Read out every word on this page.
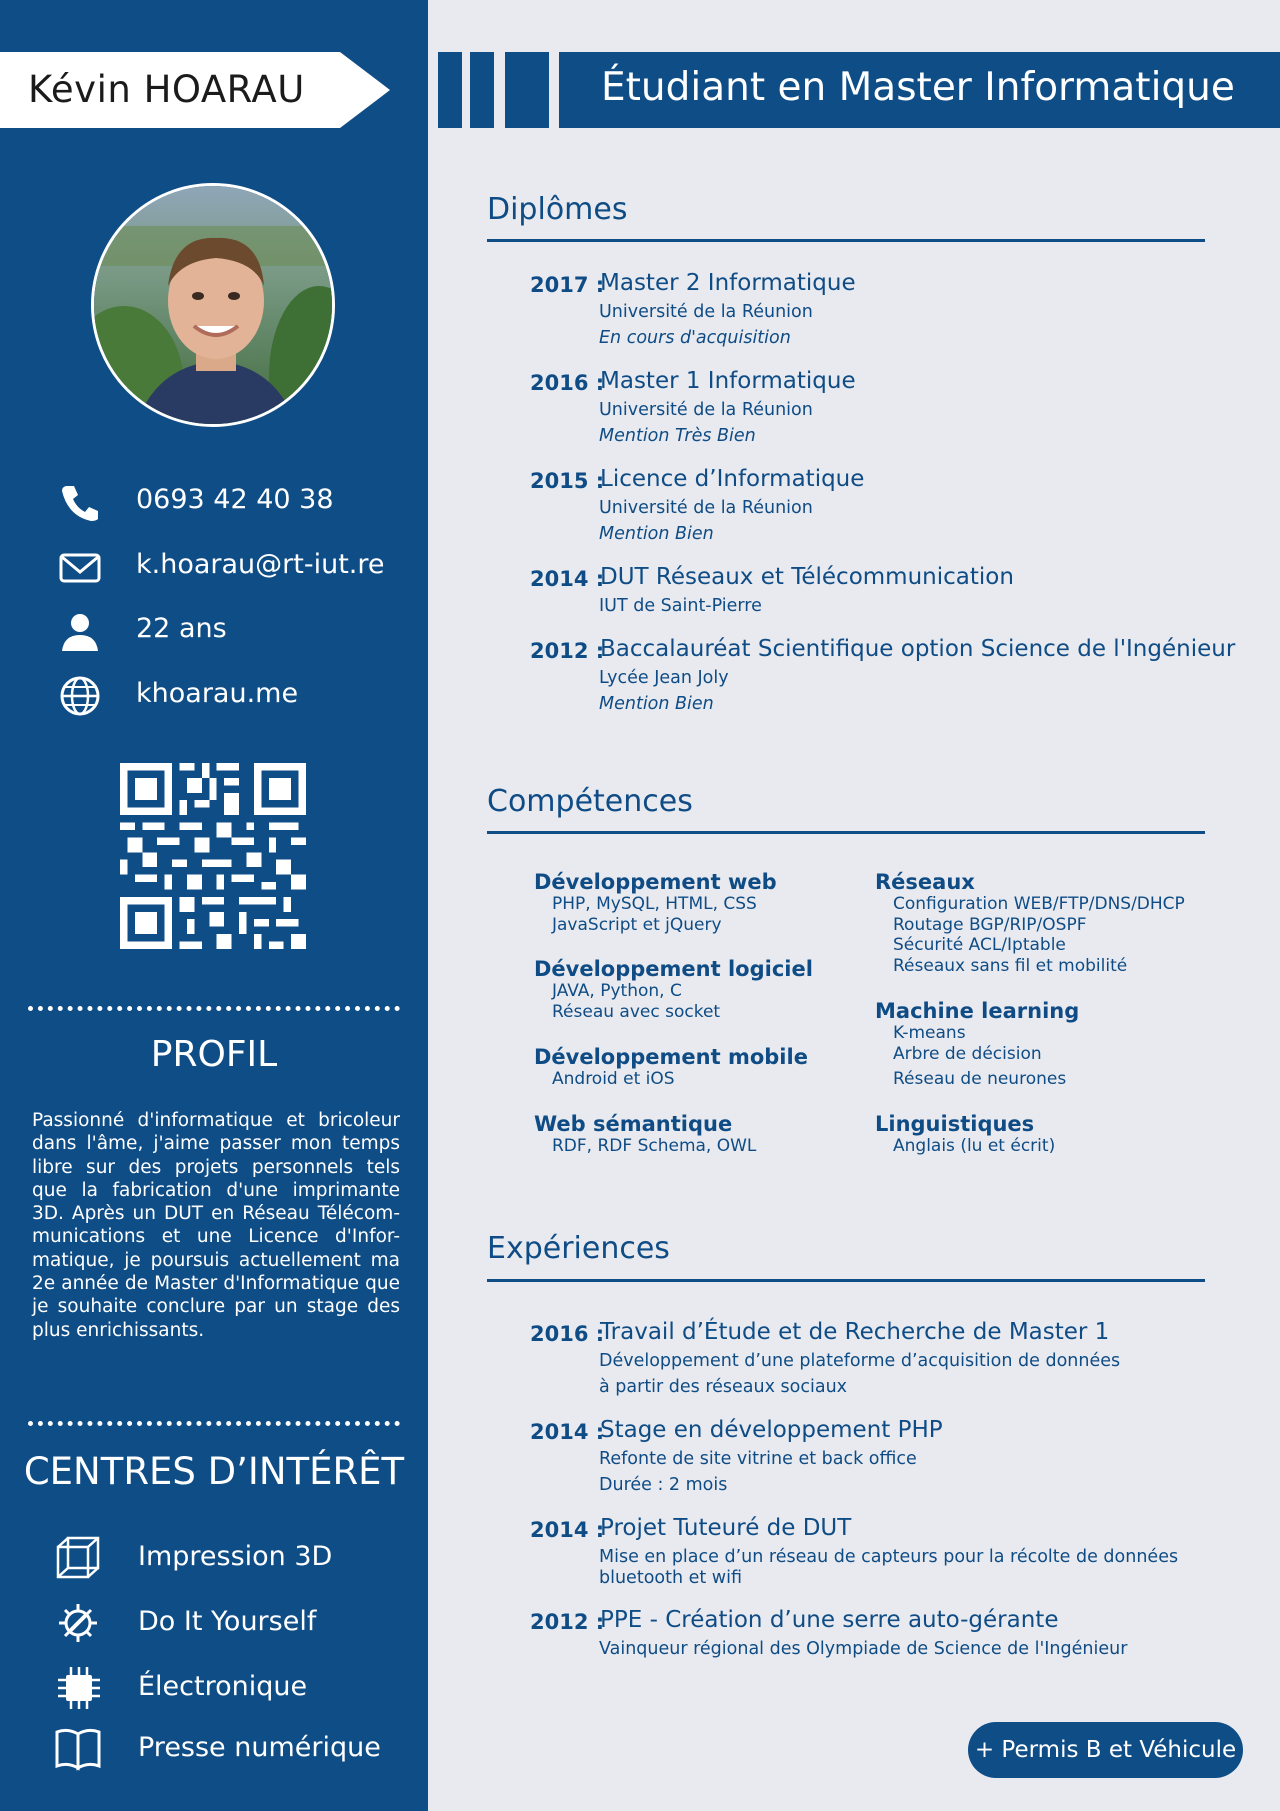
Kévin HOARAU
0693 42 40 38
k.hoarau@rt-iut.re
22 ans
khoarau.me
PROFIL
Passionné d'informatique et bricoleur dans l'âme, j'aime passer mon temps libre sur des projets personnels tels que la fabrication d'une imprimante 3D. Après un DUT en Réseau Télécom-munications et une Licence d'Infor-matique, je poursuis actuellement ma 2e année de Master d'Informatique que je souhaite conclure par un stage des plus enrichissants.
CENTRES D’INTÉRÊT
Impression 3D
Do It Yourself
Électronique
Presse numérique
Étudiant en Master Informatique
Diplômes
2017 :
Master 2 Informatique
Université de la Réunion
En cours d'acquisition
2016 :
Master 1 Informatique
Université de la Réunion
Mention Très Bien
2015 :
Licence d’Informatique
Université de la Réunion
Mention Bien
2014 :
DUT Réseaux et Télécommunication
IUT de Saint-Pierre
2012 :
Baccalauréat Scientifique option Science de l'Ingénieur
Lycée Jean Joly
Mention Bien
Compétences
Développement web
PHP, MySQL, HTML, CSS
JavaScript et jQuery
Développement logiciel
JAVA, Python, C
Réseau avec socket
Développement mobile
Android et iOS
Web sémantique
RDF, RDF Schema, OWL
Réseaux
Configuration WEB/FTP/DNS/DHCP
Routage BGP/RIP/OSPF
Sécurité ACL/Iptable
Réseaux sans fil et mobilité
Machine learning
K-means
Arbre de décision
Réseau de neurones
Linguistiques
Anglais (lu et écrit)
Expériences
2016 :
Travail d’Étude et de Recherche de Master 1
Développement d’une plateforme d’acquisition de données
à partir des réseaux sociaux
2014 :
Stage en développement PHP
Refonte de site vitrine et back office
Durée : 2 mois
2014 :
Projet Tuteuré de DUT
Mise en place d’un réseau de capteurs pour la récolte de données
bluetooth et wifi
2012 :
PPE - Création d’une serre auto-gérante
Vainqueur régional des Olympiade de Science de l'Ingénieur
+ Permis B et Véhicule
